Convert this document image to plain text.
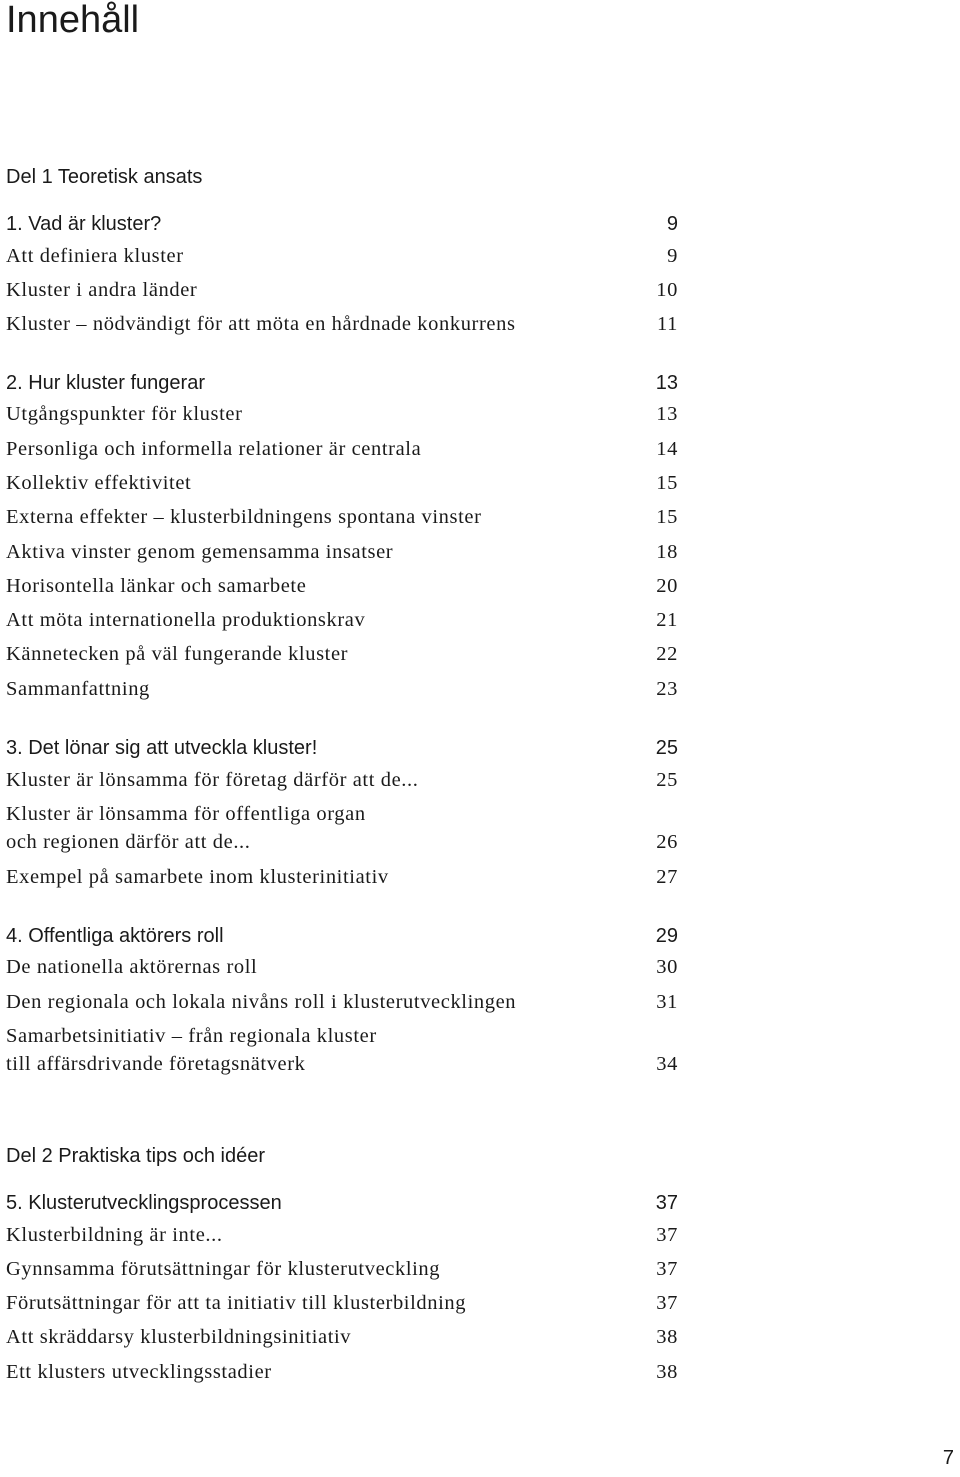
Innehåll
Del 1 Teoretisk ansats
1. Vad är kluster?	9
Att definiera kluster	9
Kluster i andra länder	10
Kluster – nödvändigt för att möta en hårdnade konkurrens	11
2. Hur kluster fungerar	13
Utgångspunkter för kluster	13
Personliga och informella relationer är centrala	14
Kollektiv effektivitet	15
Externa effekter – klusterbildningens spontana vinster	15
Aktiva vinster genom gemensamma insatser	18
Horisontella länkar och samarbete	20
Att möta internationella produktionskrav	21
Kännetecken på väl fungerande kluster	22
Sammanfattning	23
3. Det lönar sig att utveckla kluster!	25
Kluster är lönsamma för företag därför att de...	25
Kluster är lönsamma för offentliga organ
och regionen därför att de...	26
Exempel på samarbete inom klusterinitiativ	27
4. Offentliga aktörers roll	29
De nationella aktörernas roll	30
Den regionala och lokala nivåns roll i klusterutvecklingen	31
Samarbetsinitiativ – från regionala kluster
till affärsdrivande företagsnätverk	34
Del 2 Praktiska tips och idéer
5. Klusterutvecklingsprocessen	37
Klusterbildning är inte...	37
Gynnsamma förutsättningar för klusterutveckling	37
Förutsättningar för att ta initiativ till klusterbildning	37
Att skräddarsy klusterbildningsinitiativ	38
Ett klusters utvecklingsstadier	38
7
